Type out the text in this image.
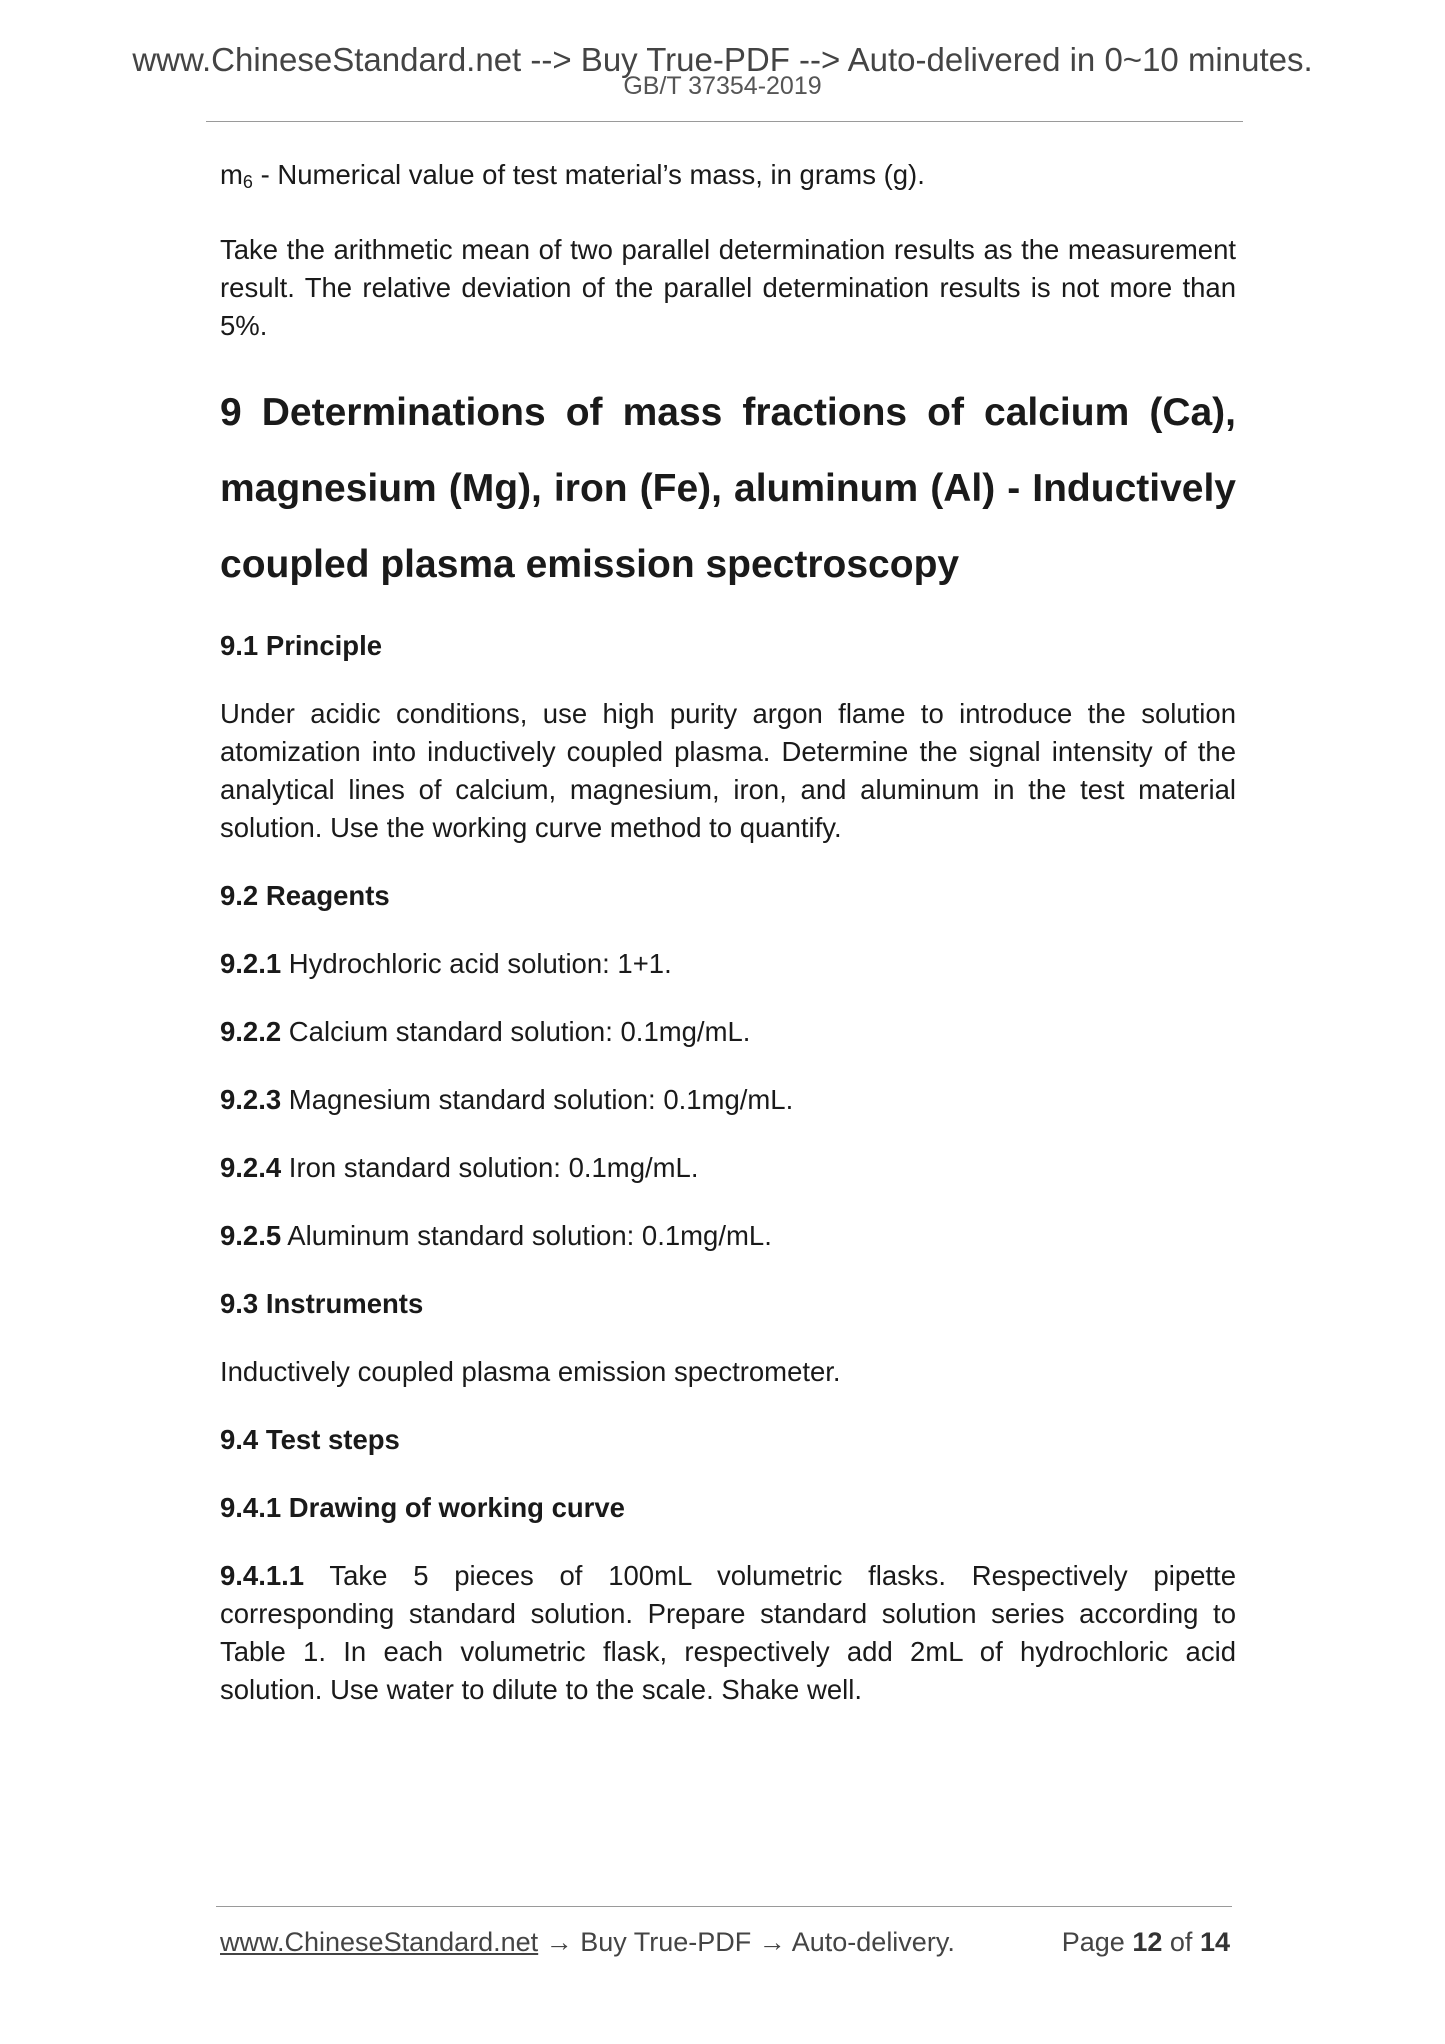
www.ChineseStandard.net --> Buy True-PDF --> Auto-delivered in 0~10 minutes.
GB/T 37354-2019

$m_6$ - Numerical value of test material’s mass, in grams (g).

Take the arithmetic mean of two parallel determination results as the measurement result. The relative deviation of the parallel determination results is not more than 5%.

9 Determinations of mass fractions of calcium (Ca), magnesium (Mg), iron (Fe), aluminum (Al) - Inductively coupled plasma emission spectroscopy
9.1 Principle

Under acidic conditions, use high purity argon flame to introduce the solution atomization into inductively coupled plasma. Determine the signal intensity of the analytical lines of calcium, magnesium, iron, and aluminum in the test material solution. Use the working curve method to quantify.

9.2 Reagents

9.2.1 Hydrochloric acid solution: 1+1.

9.2.2 Calcium standard solution: 0.1mg/mL.

9.2.3 Magnesium standard solution: 0.1mg/mL.

9.2.4 Iron standard solution: 0.1mg/mL.

9.2.5 Aluminum standard solution: 0.1mg/mL.

9.3 Instruments

Inductively coupled plasma emission spectrometer.

9.4 Test steps
9.4.1 Drawing of working curve

9.4.1.1 Take 5 pieces of 100mL volumetric flasks. Respectively pipette corresponding standard solution. Prepare standard solution series according to Table 1. In each volumetric flask, respectively add 2mL of hydrochloric acid solution. Use water to dilute to the scale. Shake well.

www.ChineseStandard.net → Buy True-PDF → Auto-delivery.	Page 12 of 14
